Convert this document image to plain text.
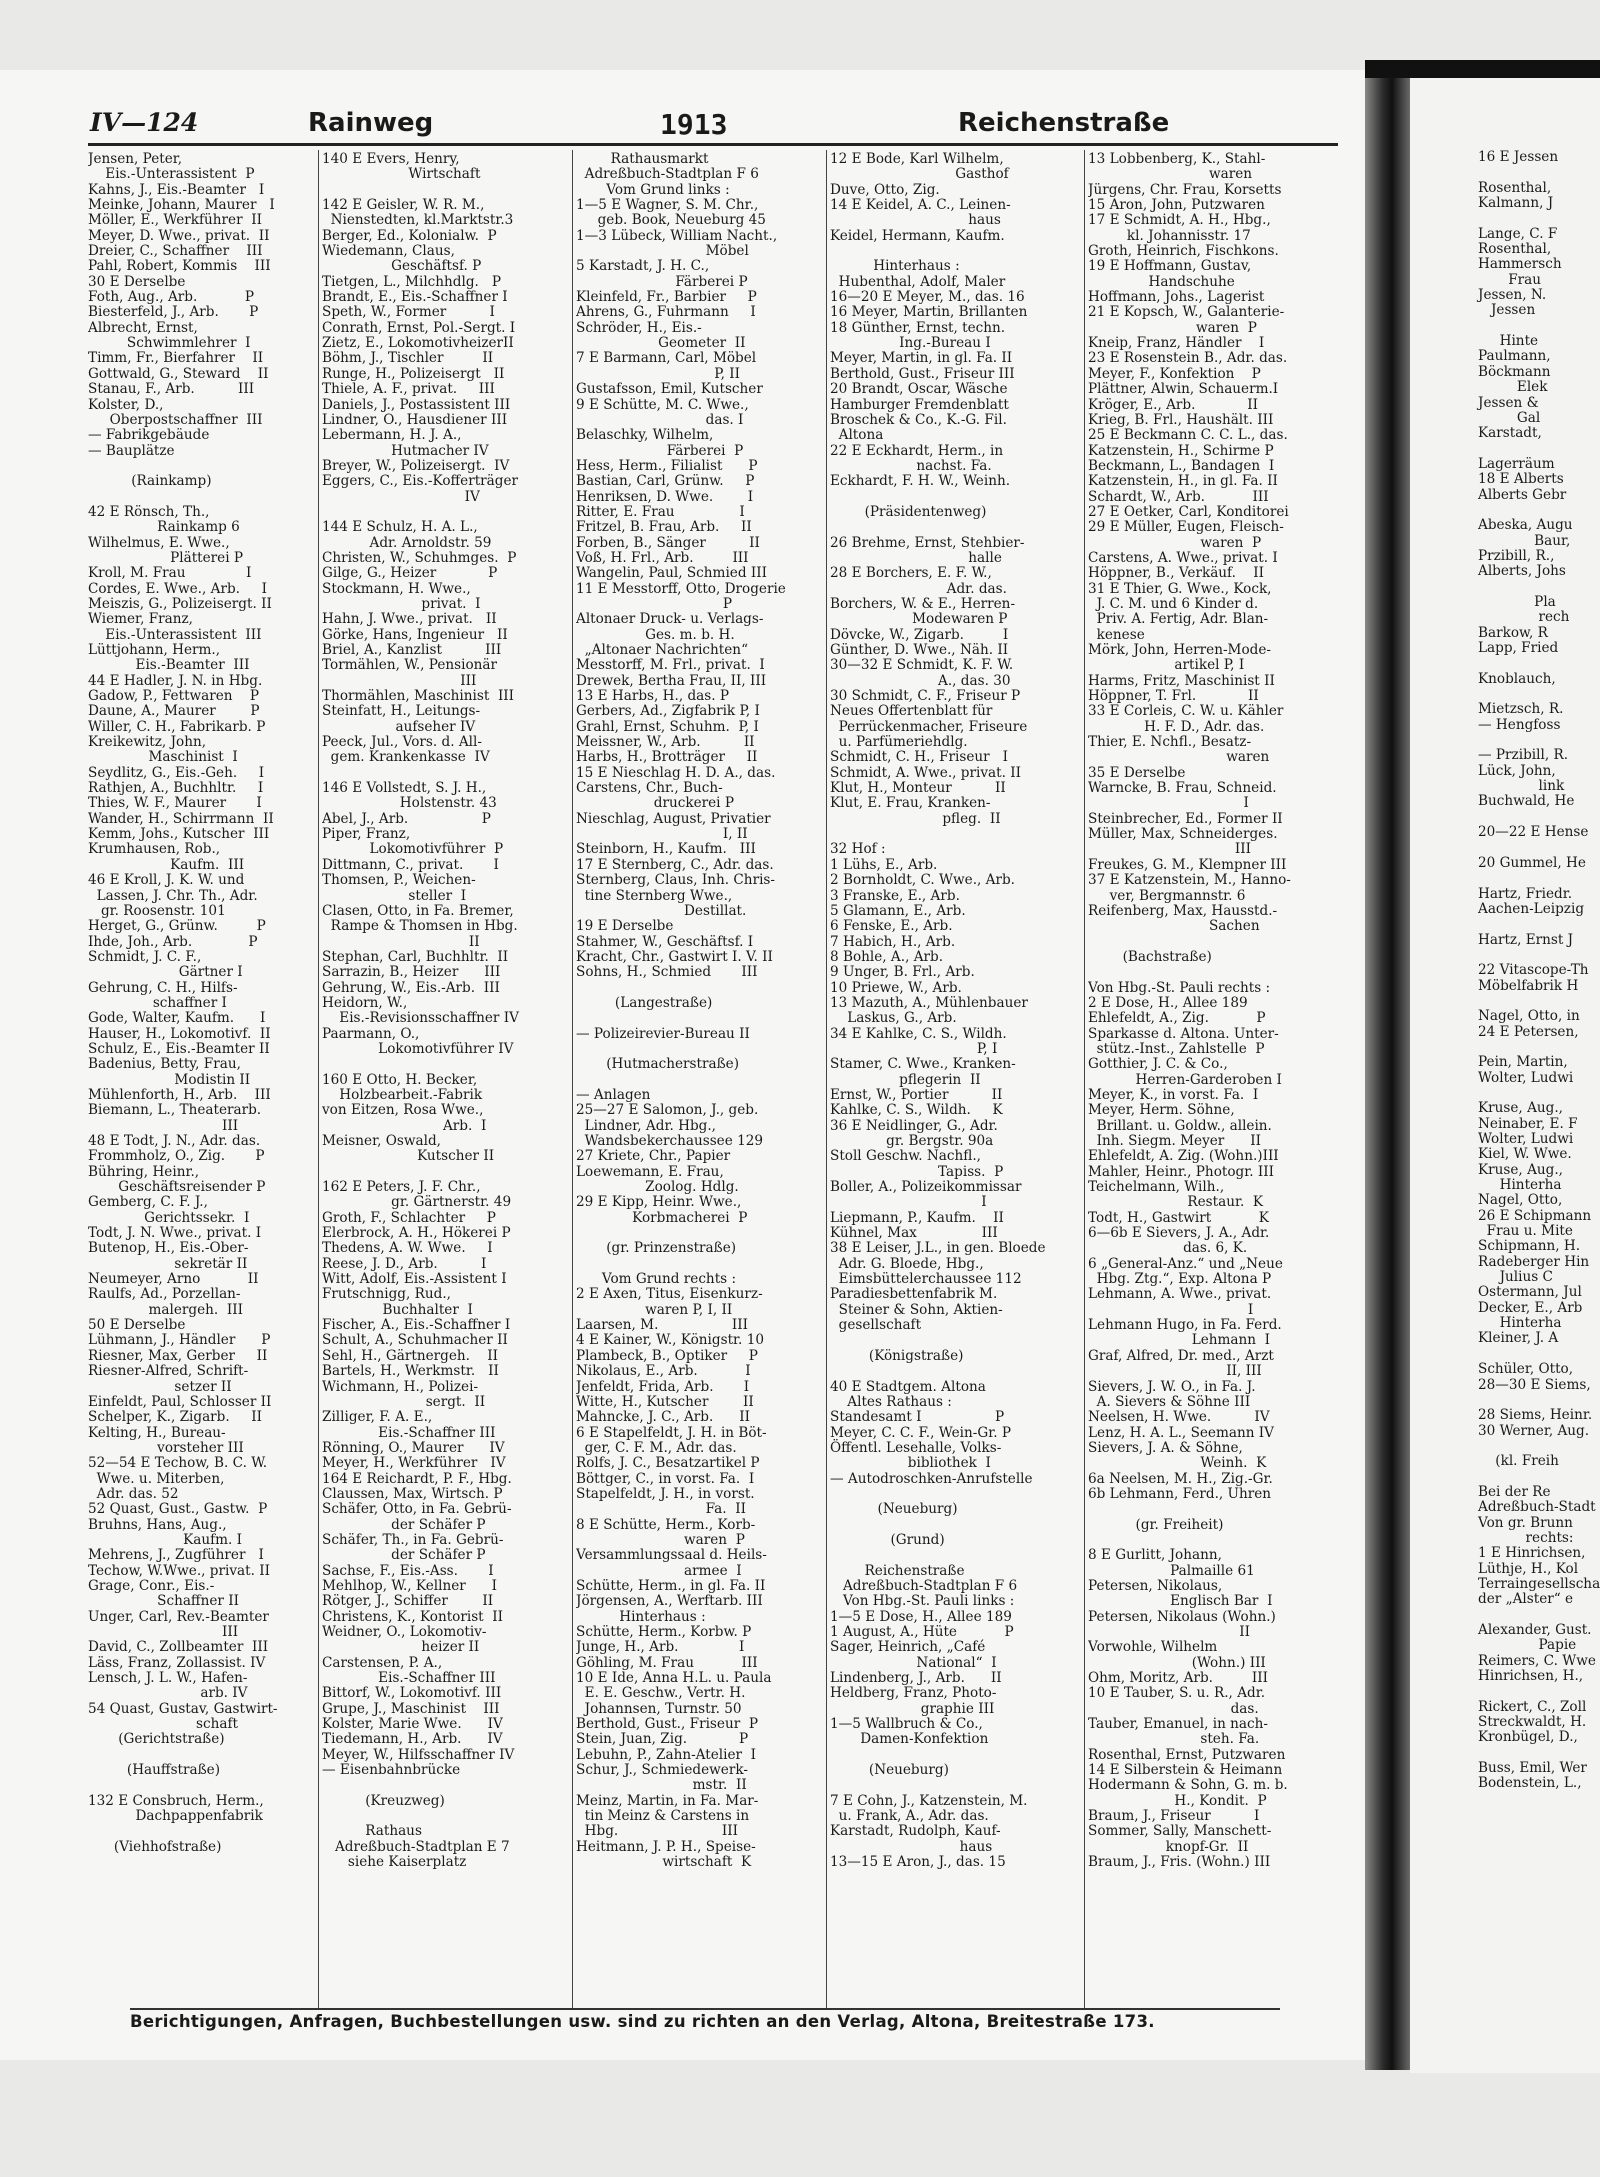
IV—124	Rainweg	1913	Reichenstraße
Jensen, Peter,
Eis.-Unterassistent  P
Kahns, J., Eis.-Beamter   I
Meinke, Johann, Maurer   I
Möller, E., Werkführer  II
Meyer, D. Wwe., privat.  II
Dreier, C., Schaffner    III
Pahl, Robert, Kommis    III
30 E Derselbe
Foth, Aug., Arb.           P
Biesterfeld, J., Arb.       P
Albrecht, Ernst,
Schwimmlehrer  I
Timm, Fr., Bierfahrer    II
Gottwald, G., Steward    II
Stanau, F., Arb.          III
Kolster, D.,
Oberpostschaffner  III
— Fabrikgebäude
— Bauplätze

(Rainkamp)

42 E Rönsch, Th.,
Rainkamp 6
Wilhelmus, E. Wwe.,
Plätterei P
Kroll, M. Frau              I
Cordes, E. Wwe., Arb.     I
Meiszis, G., Polizeisergt. II
Wiemer, Franz,
Eis.-Unterassistent  III
Lüttjohann, Herm.,
Eis.-Beamter  III
44 E Hadler, J. N. in Hbg.
Gadow, P., Fettwaren    P
Daune, A., Maurer        P
Willer, C. H., Fabrikarb. P
Kreikewitz, John,
Maschinist  I
Seydlitz, G., Eis.-Geh.     I
Rathjen, A., Buchhltr.     I
Thies, W. F., Maurer       I
Wander, H., Schirrmann  II
Kemm, Johs., Kutscher  III
Krumhausen, Rob.,
Kaufm.  III
46 E Kroll, J. K. W. und
Lassen, J. Chr. Th., Adr.
gr. Roosenstr. 101
Herget, G., Grünw.         P
Ihde, Joh., Arb.             P
Schmidt, J. C. F.,
Gärtner I
Gehrung, C. H., Hilfs-
schaffner I
Gode, Walter, Kaufm.      I
Hauser, H., Lokomotivf.  II
Schulz, E., Eis.-Beamter II
Badenius, Betty, Frau,
Modistin II
Mühlenforth, H., Arb.    III
Biemann, L., Theaterarb.
III
48 E Todt, J. N., Adr. das.
Frommholz, O., Zig.       P
Bühring, Heinr.,
Geschäftsreisender P
Gemberg, C. F. J.,
Gerichtssekr.  I
Todt, J. N. Wwe., privat. I
Butenop, H., Eis.-Ober-
sekretär II
Neumeyer, Arno           II
Raulfs, Ad., Porzellan-
malergeh.  III
50 E Derselbe
Lühmann, J., Händler      P
Riesner, Max, Gerber     II
Riesner-Alfred, Schrift-
setzer II
Einfeldt, Paul, Schlosser II
Schelper, K., Zigarb.     II
Kelting, H., Bureau-
vorsteher III
52—54 E Techow, B. C. W.
Wwe. u. Miterben,
Adr. das. 52
52 Quast, Gust., Gastw.  P
Bruhns, Hans, Aug.,
Kaufm. I
Mehrens, J., Zugführer   I
Techow, W.Wwe., privat. II
Grage, Conr., Eis.-
Schaffner II
Unger, Carl, Rev.-Beamter
III
David, C., Zollbeamter  III
Läss, Franz, Zollassist. IV
Lensch, J. L. W., Hafen-
arb. IV
54 Quast, Gustav, Gastwirt-
schaft
(Gerichtstraße)

(Hauffstraße)

132 E Consbruch, Herm.,
Dachpappenfabrik

(Viehhofstraße)
140 E Evers, Henry,
Wirtschaft

142 E Geisler, W. R. M.,
Nienstedten, kl.Marktstr.3
Berger, Ed., Kolonialw.  P
Wiedemann, Claus,
Geschäftsf. P
Tietgen, L., Milchhdlg.   P
Brandt, E., Eis.-Schaffner I
Speth, W., Former          I
Conrath, Ernst, Pol.-Sergt. I
Zietz, E., LokomotivheizerII
Böhm, J., Tischler         II
Runge, H., Polizeisergt   II
Thiele, A. F., privat.     III
Daniels, J., Postassistent III
Lindner, O., Hausdiener III
Lebermann, H. J. A.,
Hutmacher IV
Breyer, W., Polizeisergt.  IV
Eggers, C., Eis.-Kofferträger
IV

144 E Schulz, H. A. L.,
Adr. Arnoldstr. 59
Christen, W., Schuhmges.  P
Gilge, G., Heizer            P
Stockmann, H. Wwe.,
privat.  I
Hahn, J. Wwe., privat.   II
Görke, Hans, Ingenieur   II
Briel, A., Kanzlist          III
Tormählen, W., Pensionär
III
Thormählen, Maschinist  III
Steinfatt, H., Leitungs-
aufseher IV
Peeck, Jul., Vors. d. All-
gem. Krankenkasse  IV

146 E Vollstedt, S. J. H.,
Holstenstr. 43
Abel, J., Arb.                 P
Piper, Franz,
Lokomotivführer  P
Dittmann, C., privat.       I
Thomsen, P., Weichen-
steller  I
Clasen, Otto, in Fa. Bremer,
Rampe & Thomsen in Hbg.
II
Stephan, Carl, Buchhltr.  II
Sarrazin, B., Heizer      III
Gehrung, W., Eis.-Arb.  III
Heidorn, W.,
Eis.-Revisionsschaffner IV
Paarmann, O.,
Lokomotivführer IV

160 E Otto, H. Becker,
Holzbearbeit.-Fabrik
von Eitzen, Rosa Wwe.,
Arb.  I
Meisner, Oswald,
Kutscher II

162 E Peters, J. F. Chr.,
gr. Gärtnerstr. 49
Groth, F., Schlachter     P
Elerbrock, A. H., Hökerei P
Thedens, A. W. Wwe.     I
Reese, J. D., Arb.          I
Witt, Adolf, Eis.-Assistent I
Frutschnigg, Rud.,
Buchhalter  I
Fischer, A., Eis.-Schaffner I
Schult, A., Schuhmacher II
Sehl, H., Gärtnergeh.    II
Bartels, H., Werkmstr.   II
Wichmann, H., Polizei-
sergt.  II
Zilliger, F. A. E.,
Eis.-Schaffner III
Rönning, O., Maurer      IV
Meyer, H., Werkführer   IV
164 E Reichardt, P. F., Hbg.
Claussen, Max, Wirtsch. P
Schäfer, Otto, in Fa. Gebrü-
der Schäfer P
Schäfer, Th., in Fa. Gebrü-
der Schäfer P
Sachse, F., Eis.-Ass.       I
Mehlhop, W., Kellner      I
Rötger, J., Schiffer        II
Christens, K., Kontorist  II
Weidner, O., Lokomotiv-
heizer II
Carstensen, P. A.,
Eis.-Schaffner III
Bittorf, W., Lokomotivf. III
Grupe, J., Maschinist    III
Kolster, Marie Wwe.      IV
Tiedemann, H., Arb.      IV
Meyer, W., Hilfsschaffner IV
— Eisenbahnbrücke

(Kreuzweg)

Rathaus
Adreßbuch-Stadtplan E 7
siehe Kaiserplatz
Rathausmarkt
Adreßbuch-Stadtplan F 6
Vom Grund links :
1—5 E Wagner, S. M. Chr.,
geb. Book, Neueburg 45
1—3 Lübeck, William Nacht.,
Möbel
5 Karstadt, J. H. C.,
Färberei P
Kleinfeld, Fr., Barbier     P
Ahrens, G., Fuhrmann     I
Schröder, H., Eis.-
Geometer  II
7 E Barmann, Carl, Möbel
P, II
Gustafsson, Emil, Kutscher
9 E Schütte, M. C. Wwe.,
das. I
Belaschky, Wilhelm,
Färberei  P
Hess, Herm., Filialist      P
Bastian, Carl, Grünw.     P
Henriksen, D. Wwe.        I
Ritter, E. Frau               I
Fritzel, B. Frau, Arb.     II
Forben, B., Sänger          II
Voß, H. Frl., Arb.         III
Wangelin, Paul, Schmied III
11 E Messtorff, Otto, Drogerie
P
Altonaer Druck- u. Verlags-
Ges. m. b. H.
„Altonaer Nachrichten“
Messtorff, M. Frl., privat.  I
Drewek, Bertha Frau, II, III
13 E Harbs, H., das. P
Gerbers, Ad., Zigfabrik P, I
Grahl, Ernst, Schuhm.  P, I
Meissner, W., Arb.          II
Harbs, H., Brotträger     II
15 E Nieschlag H. D. A., das.
Carstens, Chr., Buch-
druckerei P
Nieschlag, August, Privatier
I, II
Steinborn, H., Kaufm.   III
17 E Sternberg, C., Adr. das.
Sternberg, Claus, Inh. Chris-
tine Sternberg Wwe.,
Destillat.
19 E Derselbe
Stahmer, W., Geschäftsf. I
Kracht, Chr., Gastwirt I. V. II
Sohns, H., Schmied       III

(Langestraße)

— Polizeirevier-Bureau II

(Hutmacherstraße)

— Anlagen
25—27 E Salomon, J., geb.
Lindner, Adr. Hbg.,
Wandsbekerchaussee 129
27 Kriete, Chr., Papier
Loewemann, E. Frau,
Zoolog. Hdlg.
29 E Kipp, Heinr. Wwe.,
Korbmacherei  P

(gr. Prinzenstraße)

Vom Grund rechts :
2 E Axen, Titus, Eisenkurz-
waren P, I, II
Laarsen, M.                 III
4 E Kainer, W., Königstr. 10
Plambeck, B., Optiker     P
Nikolaus, E., Arb.           I
Jenfeldt, Frida, Arb.       I
Witte, H., Kutscher        II
Mahncke, J. C., Arb.      II
6 E Stapelfeldt, J. H. in Böt-
ger, C. F. M., Adr. das.
Rolfs, J. C., Besatzartikel P
Böttger, C., in vorst. Fa.  I
Stapelfeldt, J. H., in vorst.
Fa.  II
8 E Schütte, Herm., Korb-
waren  P
Versammlungssaal d. Heils-
armee  I
Schütte, Herm., in gl. Fa. II
Jörgensen, A., Werftarb. III
Hinterhaus :
Schütte, Herm., Korbw. P
Junge, H., Arb.              I
Göhling, M. Frau           III
10 E Ide, Anna H.L. u. Paula
E. E. Geschw., Vertr. H.
Johannsen, Turnstr. 50
Berthold, Gust., Friseur  P
Stein, Juan, Zig.            P
Lebuhn, P., Zahn-Atelier  I
Schur, J., Schmiedewerk-
mstr.  II
Meinz, Martin, in Fa. Mar-
tin Meinz & Carstens in
Hbg.                        III
Heitmann, J. P. H., Speise-
wirtschaft  K
12 E Bode, Karl Wilhelm,
Gasthof
Duve, Otto, Zig.
14 E Keidel, A. C., Leinen-
haus
Keidel, Hermann, Kaufm.

Hinterhaus :
Hubenthal, Adolf, Maler
16—20 E Meyer, M., das. 16
16 Meyer, Martin, Brillanten
18 Günther, Ernst, techn.
Ing.-Bureau I
Meyer, Martin, in gl. Fa. II
Berthold, Gust., Friseur III
20 Brandt, Oscar, Wäsche
Hamburger Fremdenblatt
Broschek & Co., K.-G. Fil.
Altona
22 E Eckhardt, Herm., in
nachst. Fa.
Eckhardt, F. H. W., Weinh.

(Präsidentenweg)

26 Brehme, Ernst, Stehbier-
halle
28 E Borchers, E. F. W.,
Adr. das.
Borchers, W. & E., Herren-
Modewaren P
Dövcke, W., Zigarb.         I
Günther, D. Wwe., Näh. II
30—32 E Schmidt, K. F. W.
A., das. 30
30 Schmidt, C. F., Friseur P
Neues Offertenblatt für
Perrückenmacher, Friseure
u. Parfümeriehdlg.
Schmidt, C. H., Friseur   I
Schmidt, A. Wwe., privat. II
Klut, H., Monteur          II
Klut, E. Frau, Kranken-
pfleg.  II

32 Hof :
1 Lühs, E., Arb.
2 Bornholdt, C. Wwe., Arb.
3 Franske, E., Arb.
5 Glamann, E., Arb.
6 Fenske, E., Arb.
7 Habich, H., Arb.
8 Bohle, A., Arb.
9 Unger, B. Frl., Arb.
10 Priewe, W., Arb.
13 Mazuth, A., Mühlenbauer
Laskus, G., Arb.
34 E Kahlke, C. S., Wildh.
P, I
Stamer, C. Wwe., Kranken-
pflegerin  II
Ernst, W., Portier          II
Kahlke, C. S., Wildh.     K
36 E Neidlinger, G., Adr.
gr. Bergstr. 90a
Stoll Geschw. Nachfl.,
Tapiss.  P
Boller, A., Polizeikommissar
I
Liepmann, P., Kaufm.    II
Kühnel, Max               III
38 E Leiser, J.L., in gen. Bloede
Adr. G. Bloede, Hbg.,
Eimsbüttelerchaussee 112
Paradiesbettenfabrik M.
Steiner & Sohn, Aktien-
gesellschaft

(Königstraße)

40 E Stadtgem. Altona
Altes Rathaus :
Standesamt I                 P
Meyer, C. C. F., Wein-Gr. P
Öffentl. Lesehalle, Volks-
bibliothek  I
— Autodroschken-Anrufstelle

(Neueburg)

(Grund)

Reichenstraße
Adreßbuch-Stadtplan F 6
Von Hbg.-St. Pauli links :
1—5 E Dose, H., Allee 189
1 August, A., Hüte           P
Sager, Heinrich, „Café
National“  I
Lindenberg, J., Arb.      II
Heldberg, Franz, Photo-
graphie III
1—5 Wallbruch & Co.,
Damen-Konfektion

(Neueburg)

7 E Cohn, J., Katzenstein, M.
u. Frank, A., Adr. das.
Karstadt, Rudolph, Kauf-
haus
13—15 E Aron, J., das. 15
13 Lobbenberg, K., Stahl-
waren
Jürgens, Chr. Frau, Korsetts
15 Aron, John, Putzwaren
17 E Schmidt, A. H., Hbg.,
kl. Johannisstr. 17
Groth, Heinrich, Fischkons.
19 E Hoffmann, Gustav,
Handschuhe
Hoffmann, Johs., Lagerist
21 E Kopsch, W., Galanterie-
waren  P
Kneip, Franz, Händler    I
23 E Rosenstein B., Adr. das.
Meyer, F., Konfektion    P
Plättner, Alwin, Schauerm.I
Kröger, E., Arb.            II
Krieg, B. Frl., Haushält. III
25 E Beckmann C. C. L., das.
Katzenstein, H., Schirme P
Beckmann, L., Bandagen  I
Katzenstein, H., in gl. Fa. II
Schardt, W., Arb.           III
27 E Oetker, Carl, Konditorei
29 E Müller, Eugen, Fleisch-
waren  P
Carstens, A. Wwe., privat. I
Höppner, B., Verkäuf.    II
31 E Thier, G. Wwe., Kock,
J. C. M. und 6 Kinder d.
Priv. A. Fertig, Adr. Blan-
kenese
Mörk, John, Herren-Mode-
artikel P, I
Harms, Fritz, Maschinist II
Höppner, T. Frl.            II
33 E Corleis, C. W. u. Kähler
H. F. D., Adr. das.
Thier, E. Nchfl., Besatz-
waren
35 E Derselbe
Warncke, B. Frau, Schneid.
I
Steinbrecher, Ed., Former II
Müller, Max, Schneiderges.
III
Freukes, G. M., Klempner III
37 E Katzenstein, M., Hanno-
ver, Bergmannstr. 6
Reifenberg, Max, Hausstd.-
Sachen

(Bachstraße)

Von Hbg.-St. Pauli rechts :
2 E Dose, H., Allee 189
Ehlefeldt, A., Zig.           P
Sparkasse d. Altona. Unter-
stütz.-Inst., Zahlstelle  P
Gotthier, J. C. & Co.,
Herren-Garderoben I
Meyer, K., in vorst. Fa.  I
Meyer, Herm. Söhne,
Brillant. u. Goldw., allein.
Inh. Siegm. Meyer      II
Ehlefeldt, A. Zig. (Wohn.)III
Mahler, Heinr., Photogr. III
Teichelmann, Wilh.,
Restaur.  K
Todt, H., Gastwirt           K
6—6b E Sievers, J. A., Adr.
das. 6, K.
6 „General-Anz.“ und „Neue
Hbg. Ztg.“, Exp. Altona P
Lehmann, A. Wwe., privat.
I
Lehmann Hugo, in Fa. Ferd.
Lehmann  I
Graf, Alfred, Dr. med., Arzt
II, III
Sievers, J. W. O., in Fa. J.
A. Sievers & Söhne III
Neelsen, H. Wwe.          IV
Lenz, H. A. L., Seemann IV
Sievers, J. A. & Söhne,
Weinh.  K
6a Neelsen, M. H., Zig.-Gr.
6b Lehmann, Ferd., Uhren

(gr. Freiheit)

8 E Gurlitt, Johann,
Palmaille 61
Petersen, Nikolaus,
Englisch Bar  I
Petersen, Nikolaus (Wohn.)
II
Vorwohle, Wilhelm
(Wohn.) III
Ohm, Moritz, Arb.         III
10 E Tauber, S. u. R., Adr.
das.
Tauber, Emanuel, in nach-
steh. Fa.
Rosenthal, Ernst, Putzwaren
14 E Silberstein & Heimann
Hodermann & Sohn, G. m. b.
H., Kondit.  P
Braum, J., Friseur          I
Sommer, Sally, Manschett-
knopf-Gr.  II
Braum, J., Fris. (Wohn.) III
16 E Jessen

Rosenthal,
Kalmann, J

Lange, C. F
Rosenthal,
Hammersch
Frau
Jessen, N.
Jessen

Hinte
Paulmann,
Böckmann
Elek
Jessen &
Gal
Karstadt,

Lagerräum
18 E Alberts
Alberts Gebr

Abeska, Augu
Baur,
Przibill, R.,
Alberts, Johs

Pla
rech
Barkow, R
Lapp, Fried

Knoblauch,

Mietzsch, R.
— Hengfoss

— Przibill, R.
Lück, John,
link
Buchwald, He

20—22 E Hense

20 Gummel, He

Hartz, Friedr.
Aachen-Leipzig

Hartz, Ernst J

22 Vitascope-Th
Möbelfabrik H

Nagel, Otto, in
24 E Petersen,

Pein, Martin,
Wolter, Ludwi

Kruse, Aug.,
Neinaber, E. F
Wolter, Ludwi
Kiel, W. Wwe.
Kruse, Aug.,
Hinterha
Nagel, Otto,
26 E Schipmann
Frau u. Mite
Schipmann, H.
Radeberger Hin
Julius C
Ostermann, Jul
Decker, E., Arb
Hinterha
Kleiner, J. A

Schüler, Otto,
28—30 E Siems,

28 Siems, Heinr.
30 Werner, Aug.

(kl. Freih

Bei der Re
Adreßbuch-Stadt
Von gr. Brunn
rechts:
1 E Hinrichsen,
Lüthje, H., Kol
Terraingesellscha
der „Alster“ e

Alexander, Gust.
Papie
Reimers, C. Wwe
Hinrichsen, H.,

Rickert, C., Zoll
Streckwaldt, H.
Kronbügel, D.,

Buss, Emil, Wer
Bodenstein, L.,
Berichtigungen, Anfragen, Buchbestellungen usw. sind zu richten an den Verlag, Altona, Breitestraße 173.
